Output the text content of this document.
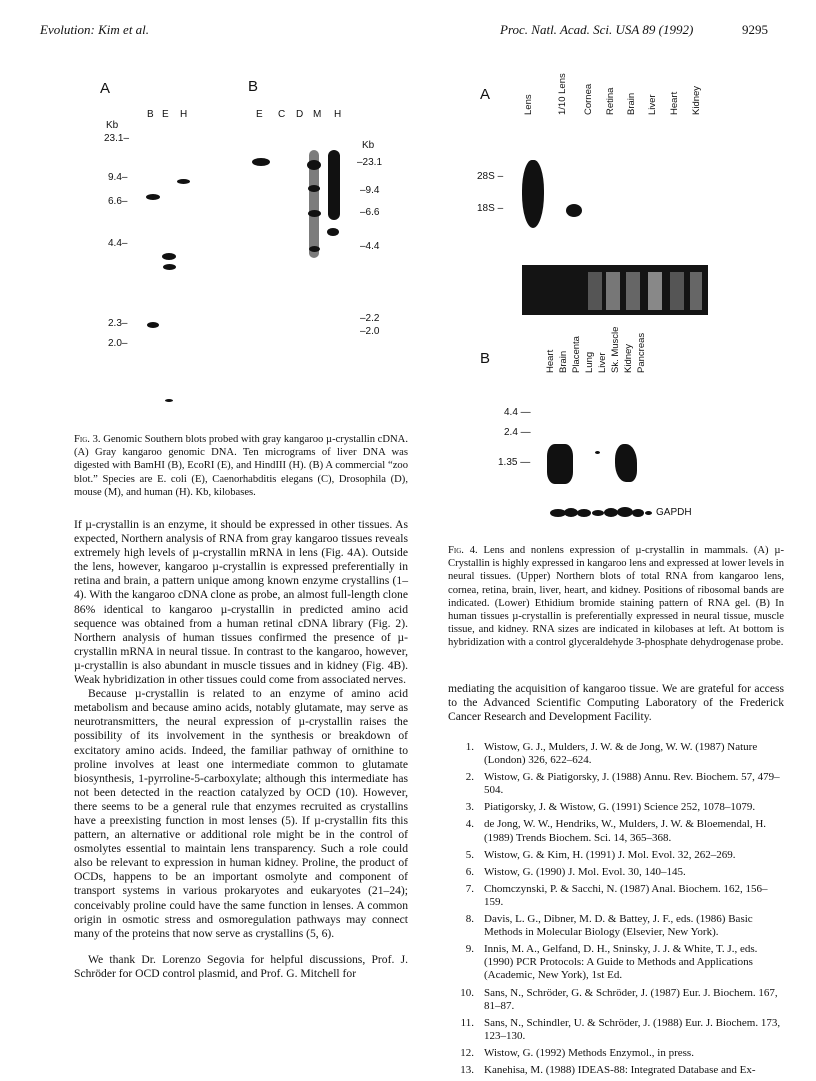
Evolution: Kim et al.	Proc. Natl. Acad. Sci. USA 89 (1992)	9295
A	B
B E H	E C D M H
Kb
Kb
23.1–
9.4–
6.6–
4.4–
2.3–
2.0–
–23.1
–9.4
–6.6
–4.4
–2.2
–2.0
Fig. 3. Genomic Southern blots probed with gray kangaroo µ-crystallin cDNA. (A) Gray kangaroo genomic DNA. Ten micrograms of liver DNA was digested with BamHI (B), EcoRI (E), and HindIII (H). (B) A commercial “zoo blot.” Species are E. coli (E), Caenorhabditis elegans (C), Drosophila (D), mouse (M), and human (H). Kb, kilobases.

If µ-crystallin is an enzyme, it should be expressed in other tissues. As expected, Northern analysis of RNA from gray kangaroo tissues reveals extremely high levels of µ-crystallin mRNA in lens (Fig. 4A). Outside the lens, however, kangaroo µ-crystallin is expressed preferentially in retina and brain, a pattern unique among known enzyme crystallins (1–4). With the kangaroo cDNA clone as probe, an almost full-length clone 86% identical to kangaroo µ-crystallin in predicted amino acid sequence was obtained from a human retinal cDNA library (Fig. 2). Northern analysis of human tissues confirmed the presence of µ-crystallin mRNA in neural tissue. In contrast to the kangaroo, however, µ-crystallin is also abundant in muscle tissues and in kidney (Fig. 4B). Weak hybridization in other tissues could come from associated nerves.

Because µ-crystallin is related to an enzyme of amino acid metabolism and because amino acids, notably glutamate, may serve as neurotransmitters, the neural expression of µ-crystallin raises the possibility of its involvement in the synthesis or breakdown of excitatory amino acids. Indeed, the familiar pathway of ornithine to proline involves at least one intermediate common to glutamate biosynthesis, 1-pyrroline-5-carboxylate; although this intermediate has not been detected in the reaction catalyzed by OCD (10). However, there seems to be a general rule that enzymes recruited as crystallins have a preexisting function in most lenses (5). If µ-crystallin fits this pattern, an alternative or additional role might be in the control of osmolytes essential to maintain lens transparency. Such a role could also be relevant to expression in human kidney. Proline, the product of OCDs, happens to be an important osmolyte and component of transport systems in various prokaryotes and eukaryotes (21–24); conceivably proline could have the same function in lenses. A common origin in osmotic stress and osmoregulation pathways may connect many of the proteins that now serve as crystallins (5, 6).

We thank Dr. Lorenzo Segovia for helpful discussions, Prof. J. Schröder for OCD control plasmid, and Prof. G. Mitchell for

A	Lens 1/10 Lens Cornea Retina Brain Liver Heart Kidney
28S –
18S –
B	Heart Brain Placenta Lung Liver Sk. Muscle Kidney Pancreas
4.4 —
2.4 —
1.35 —
GAPDH
Fig. 4. Lens and nonlens expression of µ-crystallin in mammals. (A) µ-Crystallin is highly expressed in kangaroo lens and expressed at lower levels in neural tissues. (Upper) Northern blots of total RNA from kangaroo lens, cornea, retina, brain, liver, heart, and kidney. Positions of ribosomal bands are indicated. (Lower) Ethidium bromide staining pattern of RNA gel. (B) In human tissues µ-crystallin is preferentially expressed in neural tissue, muscle tissue, and kidney. RNA sizes are indicated in kilobases at left. At bottom is hybridization with a control glyceraldehyde 3-phosphate dehydrogenase probe.
mediating the acquisition of kangaroo tissue. We are grateful for access to the Advanced Scientific Computing Laboratory of the Frederick Cancer Research and Development Facility.
1. Wistow, G. J., Mulders, J. W. & de Jong, W. W. (1987) Nature (London) 326, 622–624.
2. Wistow, G. & Piatigorsky, J. (1988) Annu. Rev. Biochem. 57, 479–504.
3. Piatigorsky, J. & Wistow, G. (1991) Science 252, 1078–1079.
4. de Jong, W. W., Hendriks, W., Mulders, J. W. & Bloemendal, H. (1989) Trends Biochem. Sci. 14, 365–368.
5. Wistow, G. & Kim, H. (1991) J. Mol. Evol. 32, 262–269.
6. Wistow, G. (1990) J. Mol. Evol. 30, 140–145.
7. Chomczynski, P. & Sacchi, N. (1987) Anal. Biochem. 162, 156–159.
8. Davis, L. G., Dibner, M. D. & Battey, J. F., eds. (1986) Basic Methods in Molecular Biology (Elsevier, New York).
9. Innis, M. A., Gelfand, D. H., Sninsky, J. J. & White, T. J., eds. (1990) PCR Protocols: A Guide to Methods and Applications (Academic, New York), 1st Ed.
10. Sans, N., Schröder, G. & Schröder, J. (1987) Eur. J. Biochem. 167, 81–87.
11. Sans, N., Schindler, U. & Schröder, J. (1988) Eur. J. Biochem. 173, 123–130.
12. Wistow, G. (1992) Methods Enzymol., in press.
13. Kanehisa, M. (1988) IDEAS-88: Integrated Database and Ex-
